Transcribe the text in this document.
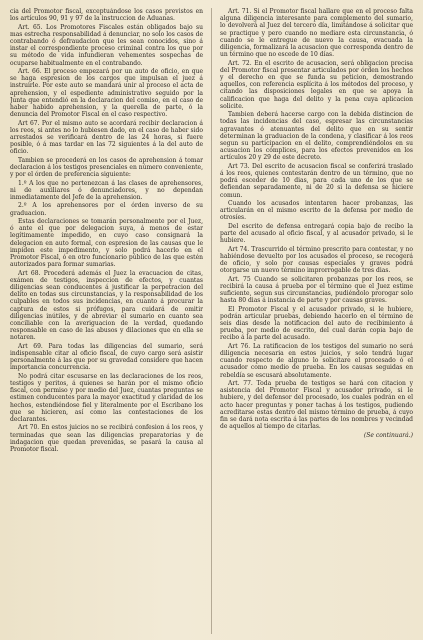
cia del Promotor fiscal, exceptuándose los casos previstos en los artículos 90, 91 y 97 de la instruccion de Aduanas.

Art. 65. Los Promotores Fiscales están obligados bajo su mas estrecha responsabilidad á denunciar, no solo los casos de contrabando ó defraudacion que les sean conocidos, sino á instar el correspondiente proceso criminal contra los que por su método de vida infundieran vehementes sospechas de ocuparse habitualmente en el contrabando.

Art. 66. El proceso empezará por un auto de oficio, en que se haga espresion de los cargos que impulsan el juez á instruirle. Por este auto se mandará unir al proceso el acta de aprehension, y el espediente administrativo seguido por la Junta que entendió en la declaracion del comiso, en el caso de haber habido aprehension, y la querella de parte, ó la denuncia del Promotor Fiscal en el caso respectivo.

Art 67. Por el mismo auto se acordará recibir declaracion á los reos, si antes no lo hubiesen dado, en el caso de haber sido arrestados se verificará dentro de las 24 horas, si fuere posible, ó á mas tardar en las 72 siguientes á la del auto de oficio.

Tambien se procederá en los casos de aprehension á tomar declaracion á los testigos presenciales en número conveniente, y por el órden de preferencia siguiente:

1.º A los que no pertenezcan á las clases de aprehensores, ni de auxiliares ó denunciadores, y no dependan inmediatamente del Jefe de la aprehension.

2.º A los aprehensores por el órden inverso de su graduacion.

Estas declaraciones se tomarán personalmente por el Juez, ó ante el que por delegacion suya, á menos de estar legítimamente impedido, en cuyo caso consignará la delegacion en auto formal, con espresion de las causas que le impiden este impedimento, y solo podrá hacerlo en el Promotor Fiscal, ó en otro funcionario público de las que estén autorizados para formar sumarias.

Art 68. Procederá además el Juez la evacuacion de citas, exámen de testigos, inspeccion de efectos, y cuantas diligencias sean conducentes á justificar la perpetracion del delito en todas sus circunstancias, y la responsabilidad de los culpables en todos sus incidencias, en cuanto á procurar la captura de estos si prófugos, para cuidará de omitir diligencias inútiles, y de abreviar el sumario en cuanto sea conciliable con la averiguacion de la verdad, quedando responsable en caso de las abusos y dilaciones que en ella se notaren.

Art 69. Para todas las diligencias del sumario, será indispensable citar al oficio fiscal, de cuyo cargo será asistir personalmente á las que por su gravedad considere que hacen importancia concurrencia.

No podrá citar escusarse en las declaraciones de los reos, testigos y peritos, á quienes se harán por el mismo oficio fiscal, con permiso y por medio del Juez, cuantas preguntas se estimen conducentes para la mayor exactitud y claridad de los hechos, estendiéndose fiel y literalmente por el Escribano los que se hicieren, así como las contestaciones de los declarantes.

Art 70. En estos juicios no se recibirá confesion á los reos, y terminadas que sean las diligencias preparatorias y de indagacion que quedan prevenidas, se pasará la causa al Promotor fiscal.

Art. 71. Si el Promotor fiscal hallare que en el proceso falta alguna diligencia interesante para complemento del sumario, lo devolverá al Juez del tercero día, limitándose á solicitar que se practique y pero cuando no mediare esta circunstancia, ó cuando se le entregue de nuevo la causa, evacuada la diligencia, formalizará la acusacion que corresponda dentro de un término que no escede de 10 días.

Art. 72. En el escrito de acusacion, será obligacion precisa del Promotor fiscal presentar articulados por órden los hechos y el derecho en que se funda su peticion, demostrando aquellos, con referencia esplícita á los métodos del proceso, y citando las disposiciones legales en que se apoya la calificacion que haga del delito y la pena cuya aplicacion solicite.

Tambien deberá hacerse cargo con la debida distincion de todas las incidencias del caso, espresar las circunstancias agravantes ó atenuantes del delito que en su sentir determinan la graduacion de la condena, y clasificar á los reos segun su participacion en el delito, comprendiéndolos en su acusacion los cómplices, para los efectos prevenidos en los artículos 20 y 29 de este decreto.

Art 73. Del escrito de acusacion fiscal se conferirá traslado á los reos, quienes contestarán dentro de un término, que no podrá esceder de 10 dias, para cada uno de los que se defiendan separadamente, ni de 20 si la defensa se hiciere comun.

Cuando los acusados intentaren hacer probanzas, las articularán en el mismo escrito de la defensa por medio de otrosíes.

Del escrito de defensa entregará copia bajo de recibo la parte del acusado al oficio fiscal, y al acusador privado, si le hubiere.

Art 74. Trascurrido el término prescrito para contestar, y no habiéndose devuelto por los acusados el proceso, se recogerá de oficio, y solo por causas especiales y graves podrá otorgarse un nuevo término improrrogable de tres dias.

Art. 75 Cuando se solicitaren probanzas por los reos, se recibirá la causa á prueba por el término que el Juez estime suficiente, segun sus circunstancias, pudiéndolo prorogar solo hasta 80 dias á instancia de parte y por causas graves.

El Promotor Fiscal y el acusador privado, si le hubiere, podrán articular pruebas, debiendo hacerlo en el término de seis dias desde la notificacion del auto de recibimiento á prueba, por medio de escrito, del cual darán copia bajo de recibo á la parte del acusado.

Art 76. La ratificacion de los testigos del sumario no será diligencia necesaria en estos juicios, y solo tendrá lugar cuando respecto de alguno lo solicitare el procesado ó el acusador como medio de prueba. En los causas seguidas en rebeldía se escusará absolutamente.

Art. 77. Toda prueba de testigos se hará con citacion y asistencia del Promotor Fiscal y acusador privado, si le hubiere, y del defensor del procesado, los cuales podrán en el acto hacer preguntas y poner tachas á los testigos, pudiendo acreditarse estas dentro del mismo término de prueba, á cuyo fin se dará nota escrita á las partes de los nombres y vecindad de aquellos al tiempo de citarlas.

(Se continuará.)
